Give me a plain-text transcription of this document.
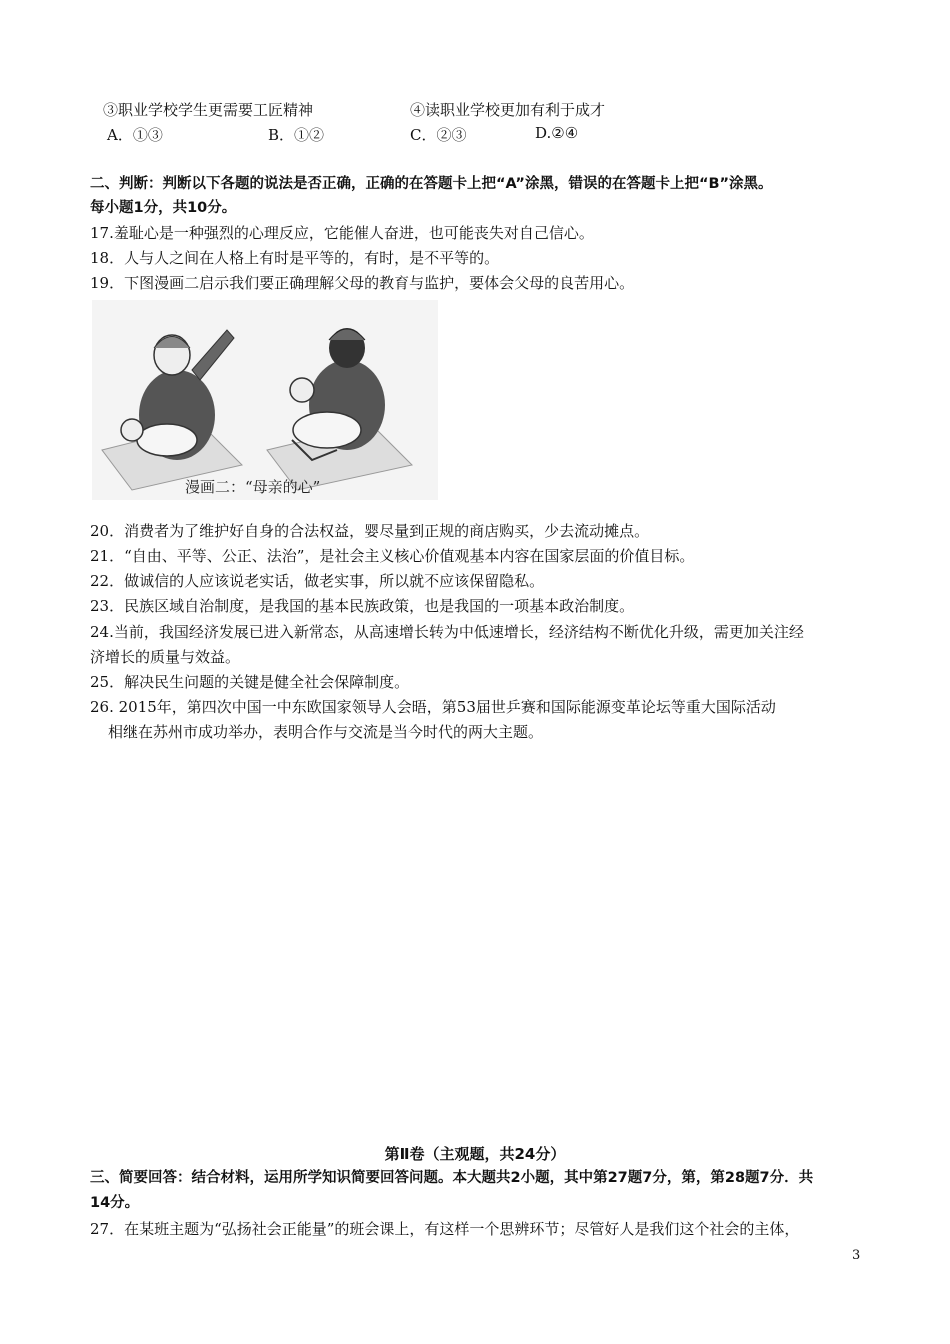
③职业学校学生更需要工匠精神	④读职业学校更加有利于成才
A．①③	B．①②	C．②③	D.②④
二、判断：判断以下各题的说法是否正确，正确的在答题卡上把“A”涂黑，错误的在答题卡上把“B”涂黑。
每小题1分，共10分。
17.羞耻心是一种强烈的心理反应，它能催人奋进，也可能丧失对自己信心。
18．人与人之间在人格上有时是平等的，有时，是不平等的。
19．下图漫画二启示我们要正确理解父母的教育与监护，要体会父母的良苦用心。
漫画二：“母亲的心”
20．消费者为了维护好自身的合法权益，婴尽量到正规的商店购买，少去流动摊点。
21．“自由、平等、公正、法治”，是社会主义核心价值观基本内容在国家层面的价值目标。
22．做诚信的人应该说老实话，做老实事，所以就不应该保留隐私。
23．民族区域自治制度，是我国的基本民族政策，也是我国的一项基本政治制度。
24.当前，我国经济发展已进入新常态，从高速增长转为中低速增长，经济结构不断优化升级，需更加关注经
济增长的质量与效益。
25．解决民生问题的关键是健全社会保障制度。
26. 2015年，第四次中国一中东欧国家领导人会晤，第53届世乒赛和国际能源变革论坛等重大国际活动
相继在苏州市成功举办，表明合作与交流是当今时代的两大主题。
第Ⅱ卷（主观题，共24分）
三、简要回答：结合材料，运用所学知识简要回答问题。本大题共2小题，其中第27题7分，第，第28题7分．共
14分。
27．在某班主题为“弘扬社会正能量”的班会课上，有这样一个思辨环节；尽管好人是我们这个社会的主体，
3
